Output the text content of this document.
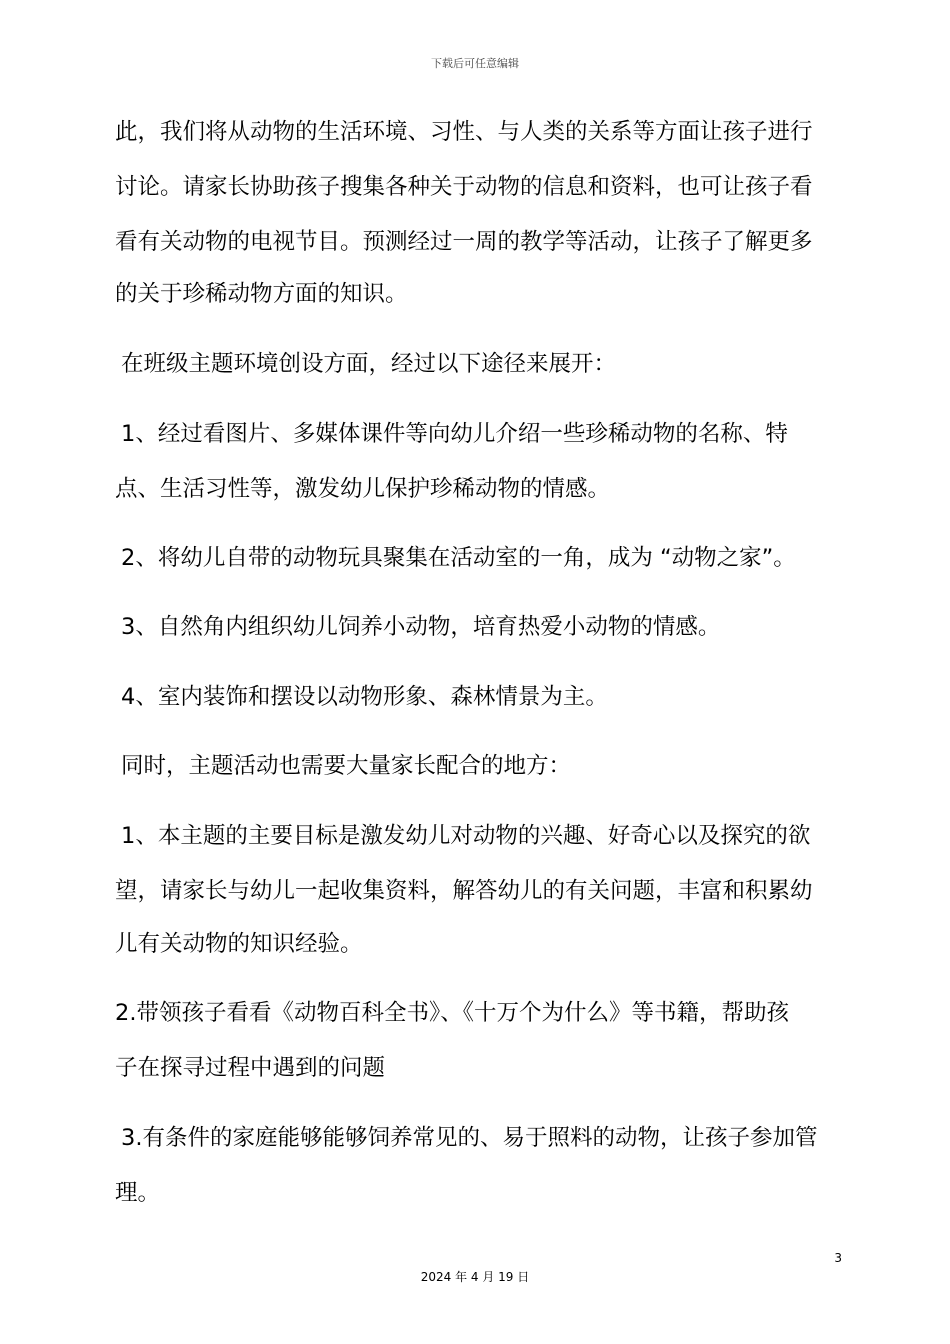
下载后可任意编辑
此，我们将从动物的生活环境、习性、与人类的关系等方面让孩子进行
讨论。请家长协助孩子搜集各种关于动物的信息和资料，也可让孩子看
看有关动物的电视节目。预测经过一周的教学等活动，让孩子了解更多
的关于珍稀动物方面的知识。
在班级主题环境创设方面，经过以下途径来展开：
1、经过看图片、多媒体课件等向幼儿介绍一些珍稀动物的名称、特
点、生活习性等，激发幼儿保护珍稀动物的情感。
2、将幼儿自带的动物玩具聚集在活动室的一角，成为 “动物之家”。
3、自然角内组织幼儿饲养小动物，培育热爱小动物的情感。
4、室内装饰和摆设以动物形象、森林情景为主。
同时，主题活动也需要大量家长配合的地方：
1、本主题的主要目标是激发幼儿对动物的兴趣、好奇心以及探究的欲
望，请家长与幼儿一起收集资料，解答幼儿的有关问题，丰富和积累幼
儿有关动物的知识经验。
2.带领孩子看看《动物百科全书》、《十万个为什么》等书籍，帮助孩
子在探寻过程中遇到的问题
3.有条件的家庭能够能够饲养常见的、易于照料的动物，让孩子参加管
理。
3
2024 年 4 月 19 日
